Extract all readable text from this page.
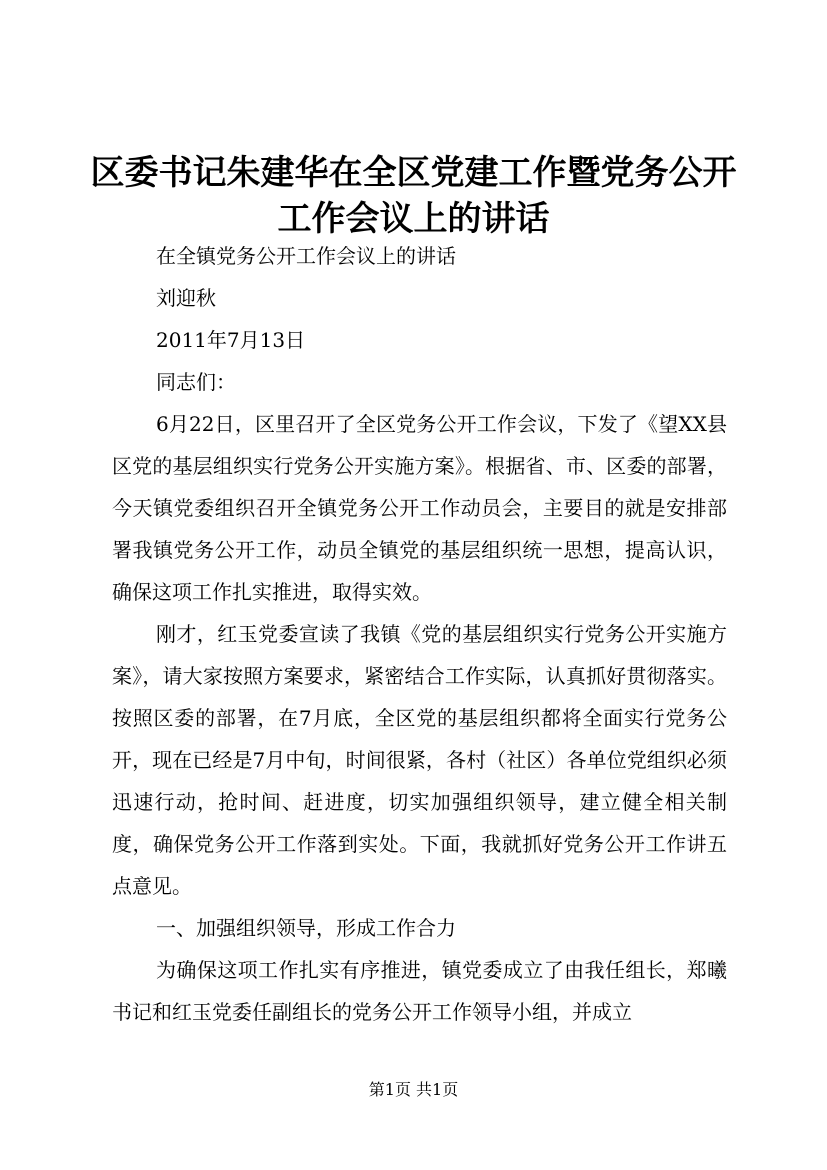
区委书记朱建华在全区党建工作暨党务公开工作会议上的讲话

在全镇党务公开工作会议上的讲话

刘迎秋

2011年7月13日

同志们：

6月22日，区里召开了全区党务公开工作会议，下发了《望XX县区党的基层组织实行党务公开实施方案》。根据省、市、区委的部署，今天镇党委组织召开全镇党务公开工作动员会，主要目的就是安排部署我镇党务公开工作，动员全镇党的基层组织统一思想，提高认识，确保这项工作扎实推进，取得实效。

刚才，红玉党委宣读了我镇《党的基层组织实行党务公开实施方案》，请大家按照方案要求，紧密结合工作实际，认真抓好贯彻落实。按照区委的部署，在7月底，全区党的基层组织都将全面实行党务公开，现在已经是7月中旬，时间很紧，各村（社区）各单位党组织必须迅速行动，抢时间、赶进度，切实加强组织领导，建立健全相关制度，确保党务公开工作落到实处。下面，我就抓好党务公开工作讲五点意见。

一、加强组织领导，形成工作合力

为确保这项工作扎实有序推进，镇党委成立了由我任组长，郑曦书记和红玉党委任副组长的党务公开工作领导小组，并成立

第1页 共1页
